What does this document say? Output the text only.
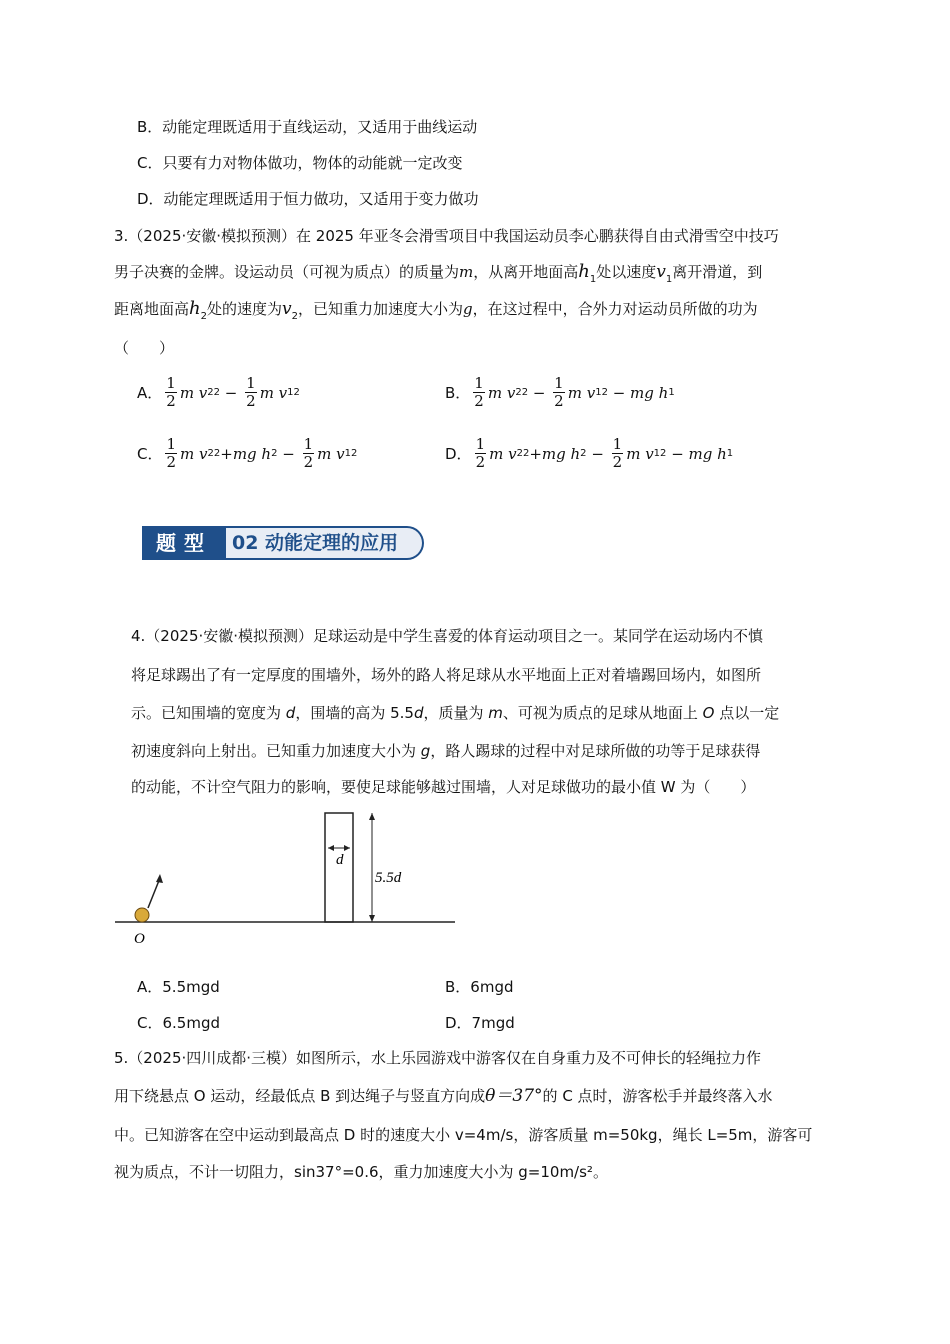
B．动能定理既适用于直线运动，又适用于曲线运动
C．只要有力对物体做功，物体的动能就一定改变
D．动能定理既适用于恒力做功，又适用于变力做功
3.（2025·安徽·模拟预测）在 2025 年亚冬会滑雪项目中我国运动员李心鹏获得自由式滑雪空中技巧
男子决赛的金牌。设运动员（可视为质点）的质量为m，从离开地面高$h_1$处以速度$v_1$离开滑道，到
距离地面高$h_2$处的速度为$v_2$，已知重力加速度大小为g，在这过程中，合外力对运动员所做的功为
（　　）
A． $\frac{1}{2}$ m v 2 $2 - \frac{1}{2}$ m v 1 2	B． $\frac{1}{2}$ m v 2 $2 - \frac{1}{2}$ m v 1 2 − mg h 1
C． $\frac{1}{2}$ m v 2 2 + mg h $2 - \frac{1}{2}$ m v 1 2	D． $\frac{1}{2}$ m v 2 2 + mg h $2 - \frac{1}{2}$ m v 1 2 − mg h 1
题型	02 动能定理的应用
4.（2025·安徽·模拟预测）足球运动是中学生喜爱的体育运动项目之一。某同学在运动场内不慎
将足球踢出了有一定厚度的围墙外，场外的路人将足球从水平地面上正对着墙踢回场内，如图所
示。已知围墙的宽度为 d，围墙的高为 5.5d，质量为 m、可视为质点的足球从地面上 O 点以一定
初速度斜向上射出。已知重力加速度大小为 g，路人踢球的过程中对足球所做的功等于足球获得
的动能，不计空气阻力的影响，要使足球能够越过围墙，人对足球做功的最小值 W 为（　　）
d
5.5d
O
A．5.5mgd	B．6mgd
C．6.5mgd	D．7mgd
5.（2025·四川成都·三模）如图所示，水上乐园游戏中游客仅在自身重力及不可伸长的轻绳拉力作
用下绕悬点 O 运动，经最低点 B 到达绳子与竖直方向成θ＝37°的 C 点时，游客松手并最终落入水
中。已知游客在空中运动到最高点 D 时的速度大小 v=4m/s，游客质量 m=50kg，绳长 L=5m，游客可
视为质点，不计一切阻力，sin37°=0.6，重力加速度大小为 g=10m/s²。
